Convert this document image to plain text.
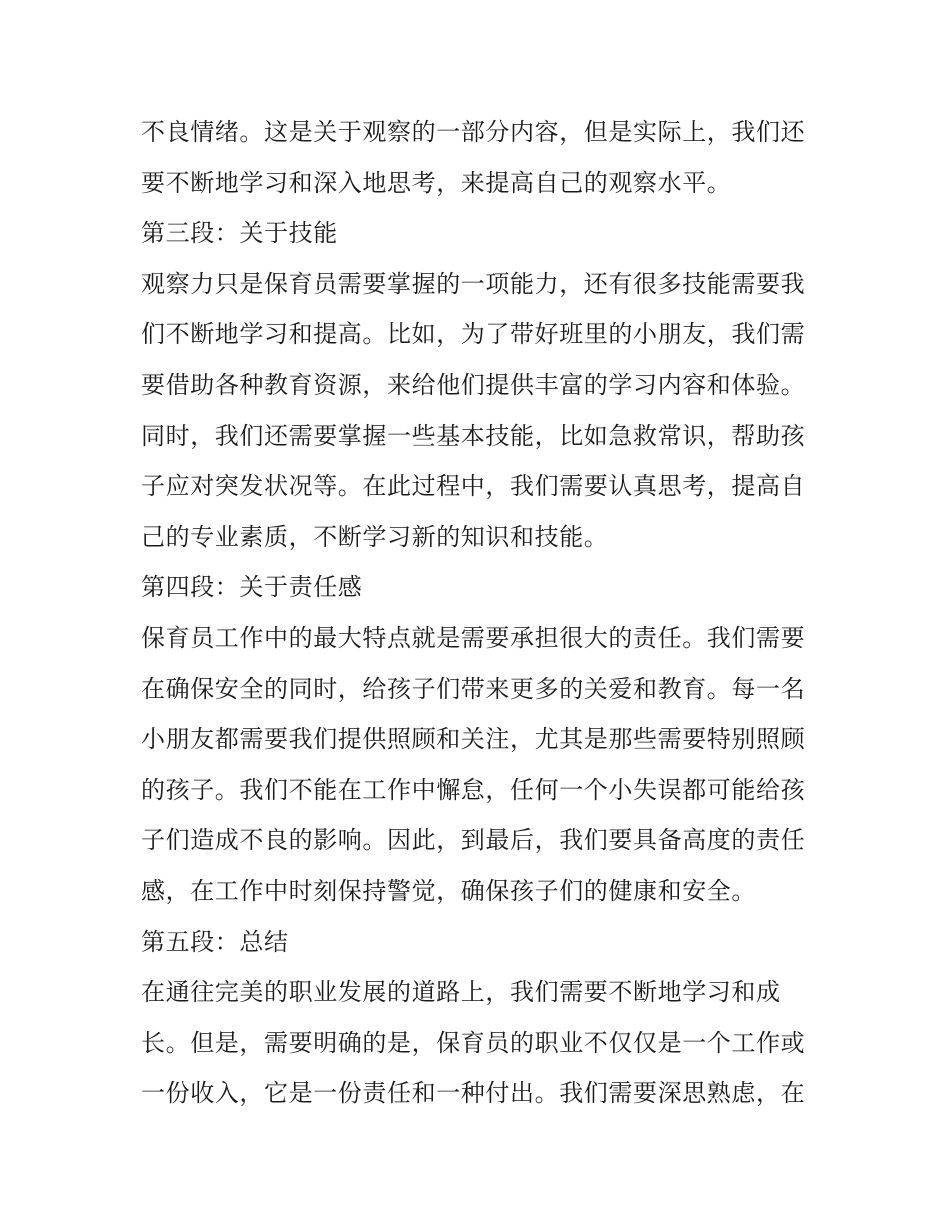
不良情绪。这是关于观察的一部分内容，但是实际上，我们还

要不断地学习和深入地思考，来提高自己的观察水平。

第三段：关于技能

观察力只是保育员需要掌握的一项能力，还有很多技能需要我

们不断地学习和提高。比如，为了带好班里的小朋友，我们需

要借助各种教育资源，来给他们提供丰富的学习内容和体验。

同时，我们还需要掌握一些基本技能，比如急救常识，帮助孩

子应对突发状况等。在此过程中，我们需要认真思考，提高自

己的专业素质，不断学习新的知识和技能。

第四段：关于责任感

保育员工作中的最大特点就是需要承担很大的责任。我们需要

在确保安全的同时，给孩子们带来更多的关爱和教育。每一名

小朋友都需要我们提供照顾和关注，尤其是那些需要特别照顾

的孩子。我们不能在工作中懈怠，任何一个小失误都可能给孩

子们造成不良的影响。因此，到最后，我们要具备高度的责任

感，在工作中时刻保持警觉，确保孩子们的健康和安全。

第五段：总结

在通往完美的职业发展的道路上，我们需要不断地学习和成

长。但是，需要明确的是，保育员的职业不仅仅是一个工作或

一份收入，它是一份责任和一种付出。我们需要深思熟虑，在
